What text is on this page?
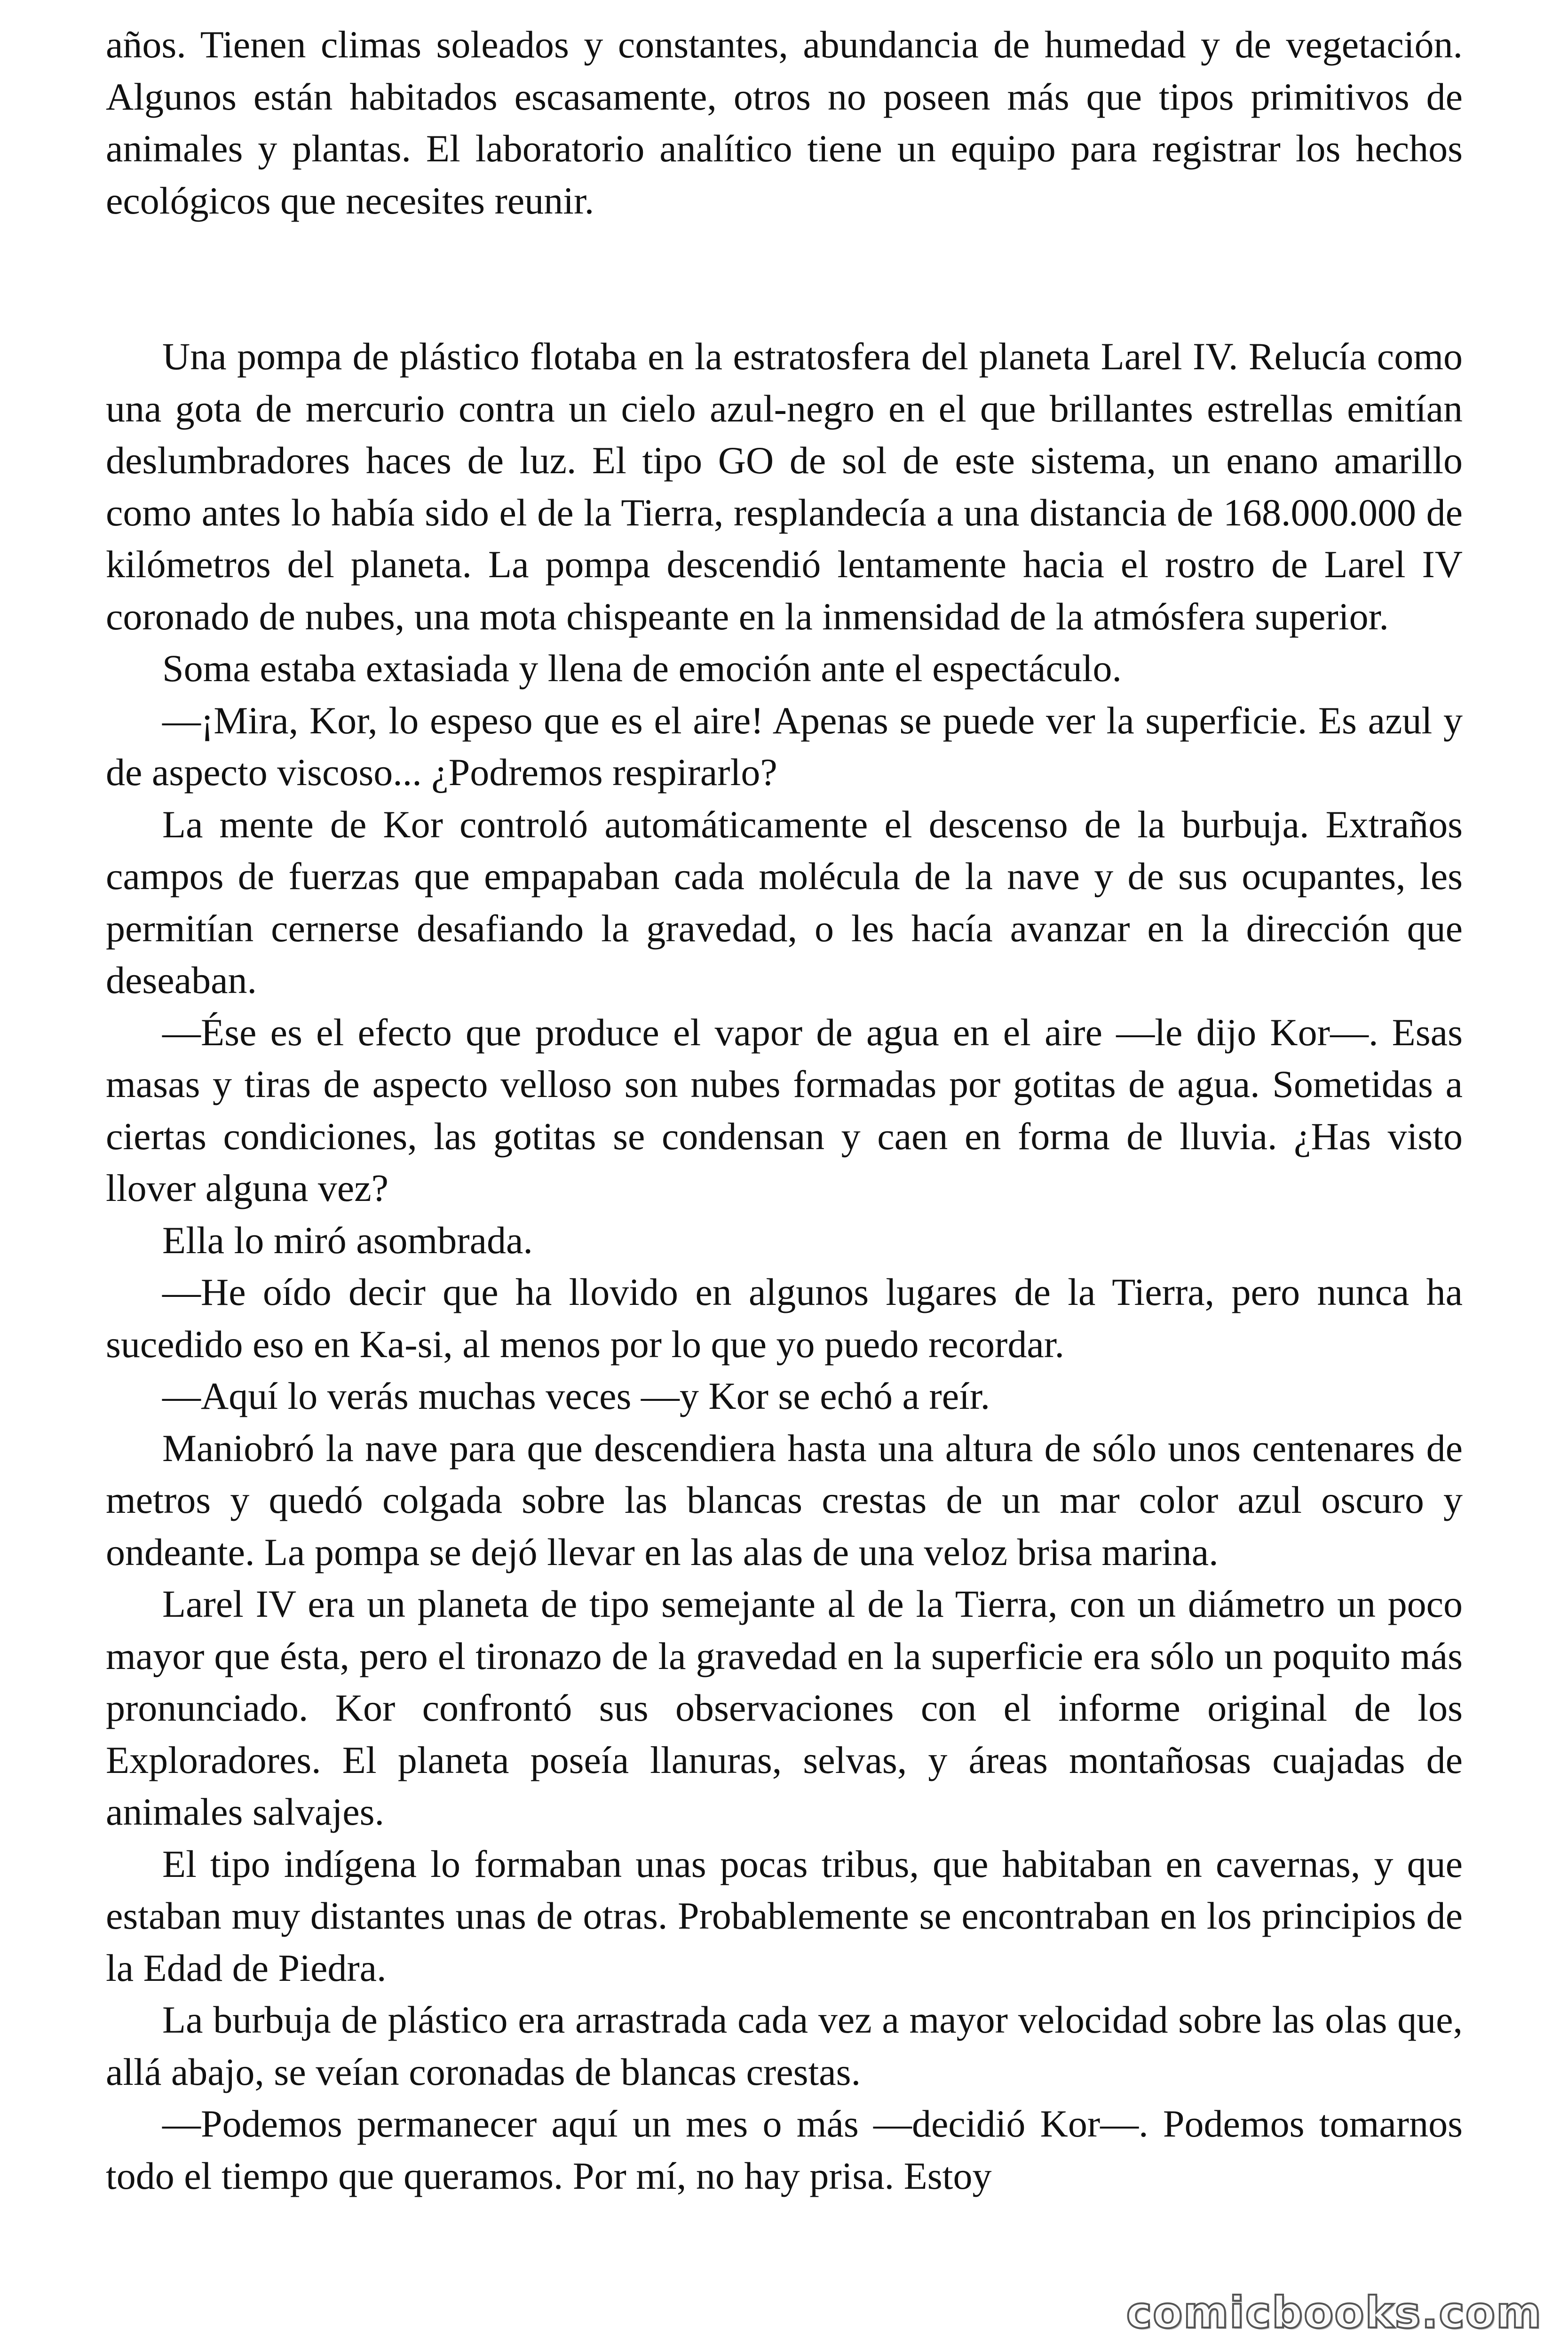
años. Tienen climas soleados y constantes, abundancia de humedad y de vegetación. Algunos están habitados escasamente, otros no poseen más que tipos primitivos de animales y plantas. El laboratorio analítico tiene un equipo para registrar los hechos ecológicos que necesites reunir.

Una pompa de plástico flotaba en la estratosfera del planeta Larel IV. Relucía como una gota de mercurio contra un cielo azul-negro en el que brillantes estrellas emitían deslumbradores haces de luz. El tipo GO de sol de este sistema, un enano amarillo como antes lo había sido el de la Tierra, resplandecía a una distancia de 168.000.000 de kilómetros del planeta. La pompa descendió lentamente hacia el rostro de Larel IV coronado de nubes, una mota chispeante en la inmensidad de la atmósfera superior.

Soma estaba extasiada y llena de emoción ante el espectáculo.

—¡Mira, Kor, lo espeso que es el aire! Apenas se puede ver la superficie. Es azul y de aspecto viscoso... ¿Podremos respirarlo?

La mente de Kor controló automáticamente el descenso de la burbuja. Extraños campos de fuerzas que empapaban cada molécula de la nave y de sus ocupantes, les permitían cernerse desafiando la gravedad, o les hacía avanzar en la dirección que deseaban.

—Ése es el efecto que produce el vapor de agua en el aire —le dijo Kor—. Esas masas y tiras de aspecto velloso son nubes formadas por gotitas de agua. Sometidas a ciertas condiciones, las gotitas se condensan y caen en forma de lluvia. ¿Has visto llover alguna vez?

Ella lo miró asombrada.

—He oído decir que ha llovido en algunos lugares de la Tierra, pero nunca ha sucedido eso en Ka-si, al menos por lo que yo puedo recordar.

—Aquí lo verás muchas veces —y Kor se echó a reír.

Maniobró la nave para que descendiera hasta una altura de sólo unos centenares de metros y quedó colgada sobre las blancas crestas de un mar color azul oscuro y ondeante. La pompa se dejó llevar en las alas de una veloz brisa marina.

Larel IV era un planeta de tipo semejante al de la Tierra, con un diámetro un poco mayor que ésta, pero el tironazo de la gravedad en la superficie era sólo un poquito más pronunciado. Kor confrontó sus observaciones con el informe original de los Exploradores. El planeta poseía llanuras, selvas, y áreas montañosas cuajadas de animales salvajes.

El tipo indígena lo formaban unas pocas tribus, que habitaban en cavernas, y que estaban muy distantes unas de otras. Probablemente se encontraban en los principios de la Edad de Piedra.

La burbuja de plástico era arrastrada cada vez a mayor velocidad sobre las olas que, allá abajo, se veían coronadas de blancas crestas.

—Podemos permanecer aquí un mes o más —decidió Kor—. Podemos tomarnos todo el tiempo que queramos. Por mí, no hay prisa. Estoy

comicbooks.com
